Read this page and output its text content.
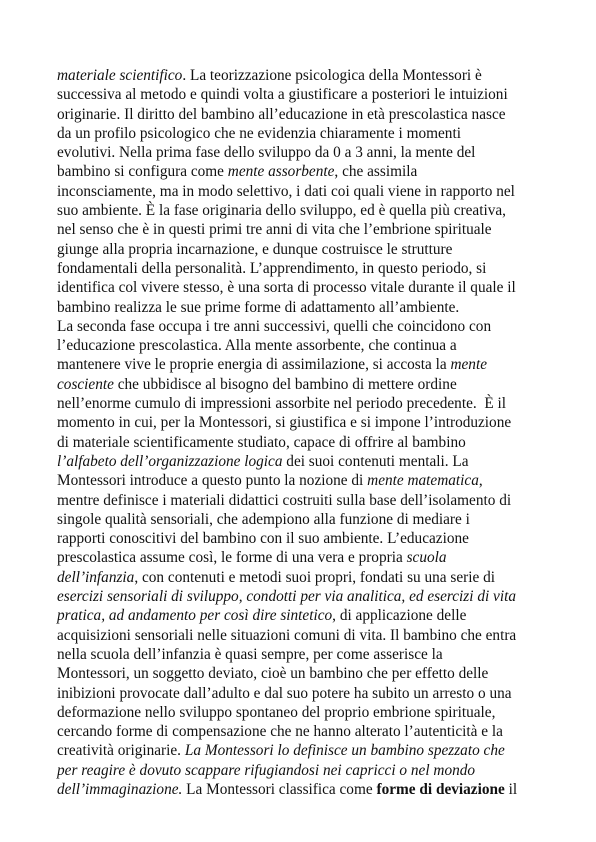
materiale scientifico. La teorizzazione psicologica della Montessori è
successiva al metodo e quindi volta a giustificare a posteriori le intuizioni
originarie. Il diritto del bambino all’educazione in età prescolastica nasce
da un profilo psicologico che ne evidenzia chiaramente i momenti
evolutivi. Nella prima fase dello sviluppo da 0 a 3 anni, la mente del
bambino si configura come mente assorbente, che assimila
inconsciamente, ma in modo selettivo, i dati coi quali viene in rapporto nel
suo ambiente. È la fase originaria dello sviluppo, ed è quella più creativa,
nel senso che è in questi primi tre anni di vita che l’embrione spirituale
giunge alla propria incarnazione, e dunque costruisce le strutture
fondamentali della personalità. L’apprendimento, in questo periodo, si
identifica col vivere stesso, è una sorta di processo vitale durante il quale il
bambino realizza le sue prime forme di adattamento all’ambiente.
La seconda fase occupa i tre anni successivi, quelli che coincidono con
l’educazione prescolastica. Alla mente assorbente, che continua a
mantenere vive le proprie energia di assimilazione, si accosta la mente
cosciente che ubbidisce al bisogno del bambino di mettere ordine
nell’enorme cumulo di impressioni assorbite nel periodo precedente.  È il
momento in cui, per la Montessori, si giustifica e si impone l’introduzione
di materiale scientificamente studiato, capace di offrire al bambino
l’alfabeto dell’organizzazione logica dei suoi contenuti mentali. La
Montessori introduce a questo punto la nozione di mente matematica,
mentre definisce i materiali didattici costruiti sulla base dell’isolamento di
singole qualità sensoriali, che adempiono alla funzione di mediare i
rapporti conoscitivi del bambino con il suo ambiente. L’educazione
prescolastica assume così, le forme di una vera e propria scuola
dell’infanzia, con contenuti e metodi suoi propri, fondati su una serie di
esercizi sensoriali di sviluppo, condotti per via analitica, ed esercizi di vita
pratica, ad andamento per così dire sintetico, di applicazione delle
acquisizioni sensoriali nelle situazioni comuni di vita. Il bambino che entra
nella scuola dell’infanzia è quasi sempre, per come asserisce la
Montessori, un soggetto deviato, cioè un bambino che per effetto delle
inibizioni provocate dall’adulto e dal suo potere ha subito un arresto o una
deformazione nello sviluppo spontaneo del proprio embrione spirituale,
cercando forme di compensazione che ne hanno alterato l’autenticità e la
creatività originarie. La Montessori lo definisce un bambino spezzato che
per reagire è dovuto scappare rifugiandosi nei capricci o nel mondo
dell’immaginazione. La Montessori classifica come forme di deviazione il
